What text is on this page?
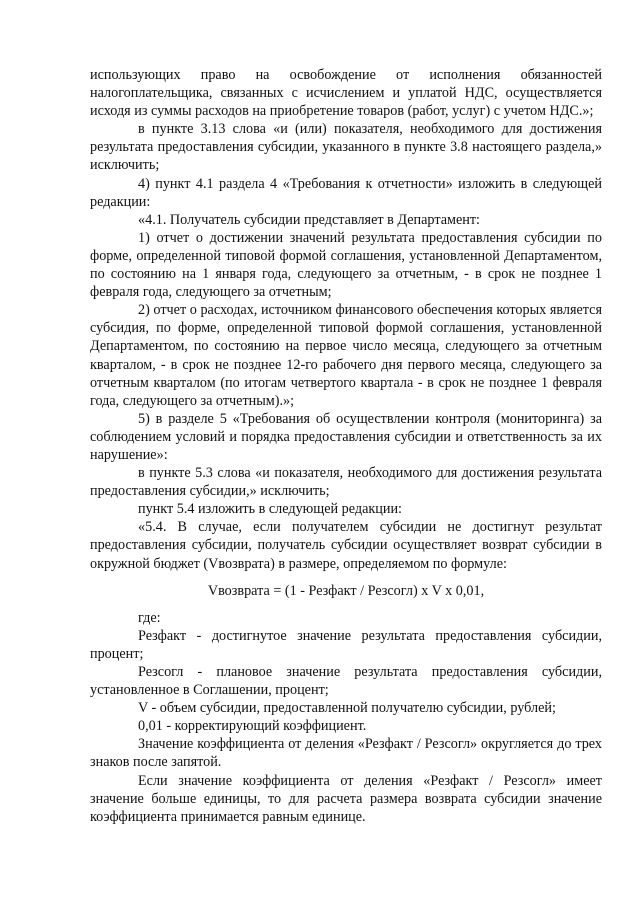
использующих право на освобождение от исполнения обязанностей налогоплательщика, связанных с исчислением и уплатой НДС, осуществляется исходя из суммы расходов на приобретение товаров (работ, услуг) с учетом НДС.»;

в пункте 3.13 слова «и (или) показателя, необходимого для достижения результата предоставления субсидии, указанного в пункте 3.8 настоящего раздела,» исключить;

4) пункт 4.1 раздела 4 «Требования к отчетности» изложить в следующей редакции:

«4.1. Получатель субсидии представляет в Департамент:

1) отчет о достижении значений результата предоставления субсидии по форме, определенной типовой формой соглашения, установленной Департаментом, по состоянию на 1 января года, следующего за отчетным, - в срок не позднее 1 февраля года, следующего за отчетным;

2) отчет о расходах, источником финансового обеспечения которых является субсидия, по форме, определенной типовой формой соглашения, установленной Департаментом, по состоянию на первое число месяца, следующего за отчетным кварталом, - в срок не позднее 12-го рабочего дня первого месяца, следующего за отчетным кварталом (по итогам четвертого квартала - в срок не позднее 1 февраля года, следующего за отчетным).»;

5) в разделе 5 «Требования об осуществлении контроля (мониторинга) за соблюдением условий и порядка предоставления субсидии и ответственность за их нарушение»:

в пункте 5.3 слова «и показателя, необходимого для достижения результата предоставления субсидии,» исключить;

пункт 5.4 изложить в следующей редакции:

«5.4. В случае, если получателем субсидии не достигнут результат предоставления субсидии, получатель субсидии осуществляет возврат субсидии в окружной бюджет (Vвозврата) в размере, определяемом по формуле:

Vвозврата = (1 - Резфакт / Резсогл) x V x 0,01,

где:

Резфакт - достигнутое значение результата предоставления субсидии, процент;

Резсогл - плановое значение результата предоставления субсидии, установленное в Соглашении, процент;

V - объем субсидии, предоставленной получателю субсидии, рублей;

0,01 - корректирующий коэффициент.

Значение коэффициента от деления «Резфакт / Резсогл» округляется до трех знаков после запятой.

Если значение коэффициента от деления «Резфакт / Резсогл» имеет значение больше единицы, то для расчета размера возврата субсидии значение коэффициента принимается равным единице.
